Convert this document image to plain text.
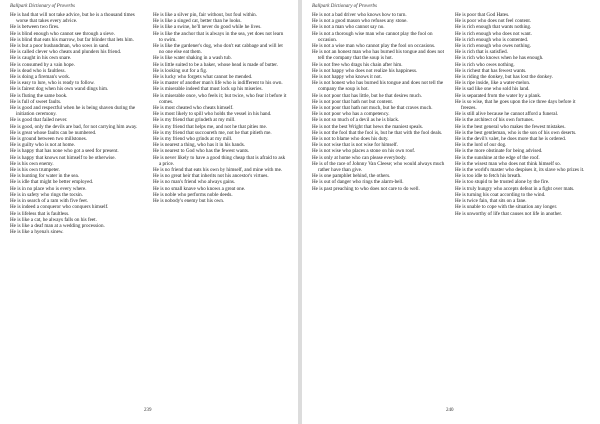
Ballpark Dictionary of Proverbs

He is bad that will not take advice, but he is a thousand times worse that takes every advice.

He is between two fires.

He is blind enough who cannot see through a sieve.

He is blind that eats his marrow, but far blinder that lets him.

He is but a poor husbandman, who sows in sand.

He is called clever who cheats and plunders his friend.

He is caught in his own snare.

He is consumed by a vain hope.

He is dead who is faultless.

He is doing a fireman's work.

He is easy to lure, who is ready to follow.

He is fairest dog when his own wand dings him.

He is fluting the same book.

He is full of sweet faults.

He is good and respectful when he is being shaven during the initiation ceremony.

He is good that failed never.

He is good, only the devils are bad, for not carrying him away.

He is great whose faults can be numbered.

He is ground between two millstones.

He is guilty who is not at home.

He is happy that has none who got a seed for present.

He is happy that knows not himself to be otherwise.

He is his own enemy.

He is his own trumpeter.

He is hunting for water in the sea.

He is idle that might be better employed.

He is in no place who is every where.

He is in safety who rings the tocsin.

He is in search of a ram with five feet.

He is indeed a conqueror who conquers himself.

He is lifeless that is faultless.

He is like a cat, he always falls on his feet.

He is like a deaf man at a wedding procession.

He is like a hyena's sinew.

He is like a silver pin, fair without, but foul within.

He is like a singed cat, better than he looks.

He is like a swine, he'll never do good while he lives.

He is like the anchor that is always in the sea, yet does not learn to swim.

He is like the gardener's dog, who don't eat cabbage and will let no one else eat them.

He is like water shaking in a wash tub.

He is little suited to be a baker, whose head is made of butter.

He is looking out for a fig.

He is lucky who forgets what cannot be mended.

He is master of another man's life who is indifferent to his own.

He is miserable indeed that must lock up his miseries.

He is miserable once, who feels it; but twice, who fear it before it comes.

He is most cheated who cheats himself.

He is most likely to spill who holds the vessel in his hand.

He is my friend that grindeth at my mill.

He is my friend that helps me, and not he that pities me.

He is my friend that succoureth me, not he that pitieth me.

He is my friend who grinds at my mill.

He is nearest a thing, who has it in his hands.

He is nearest to God who has the fewest wants.

He is never likely to have a good thing cheap that is afraid to ask a price.

He is no friend that eats his own by himself, and mine with me.

He is no great heir that inherits not his ancestor's virtues.

He is no man's friend who always gains.

He is no small knave who knows a great one.

He is noble who performs noble deeds.

He is nobody's enemy but his own.

239
Ballpark Dictionary of Proverbs

He is not a bad driver who knows how to turn.

He is not a good mason who refuses any stone.

He is not a man who cannot say no.

He is not a thorough wise man who cannot play the fool on occasion.

He is not a wise man who cannot play the fool on occasions.

He is not an honest man who has burned his tongue and does not tell the company that the soup is hot.

He is not free who drags his chain after him.

He is not happy who does not realize his happiness.

He is not happy who knows it not.

He is not honest who has burned his tongue and does not tell the company the soup is hot.

He is not poor that has little, but he that desires much.

He is not poor that hath not but content.

He is not poor that hath not much, but he that craves much.

He is not poor who has a competency.

He is not so much of a devil as he is black.

He is not the best Wright that hews the maniest speals.

He is not the fool that the fool is, but he that with the fool deals.

He is not to blame who does his duty.

He is not wise that is not wise for himself.

He is not wise who places a stone on his own roof.

He is only at home who can please everybody.

He is of the race of Johnny Van Cleese; who would always much rather have than give.

He is one pamphlet behind, the others.

He is out of danger who rings the alarm-bell.

He is past preaching to who does not care to do well.

He is poor that God Hates.

He is poor who does not feel content.

He is rich enough that wants nothing.

He is rich enough who does not want.

He is rich enough who is contented.

He is rich enough who owes nothing.

He is rich that is satisfied.

He is rich who knows when he has enough.

He is rich who owes nothing.

He is richest that has fewest wants.

He is riding the donkey, but has lost the donkey.

He is ripe inside, like a water-melon.

He is sad like one who sold his land.

He is separated from the water by a plank.

He is so wise, that he goes upon the ice three days before it freezes.

He is still alive because he cannot afford a funeral.

He is the architect of his own fortunes.

He is the best general who makes the fewest mistakes.

He is the best gentleman, who is the son of his own deserts.

He is the devil's valet, he does more that he is ordered.

He is the lord of our dog.

He is the more obstinate for being advised.

He is the sunshine at the edge of the roof.

He is the wisest man who does not think himself so.

He is the world's master who despises it, its slave who prizes it.

He is too idle to fetch his breath.

He is too stupid to be trusted alone by the fire.

He is truly hungry who accepts defeat in a fight over mats.

He is turning his coat according to the wind.

He is twice fain, that sits on a fane.

He is unable to cope with the situation any longer.

He is unworthy of life that causes not life in another.

240
